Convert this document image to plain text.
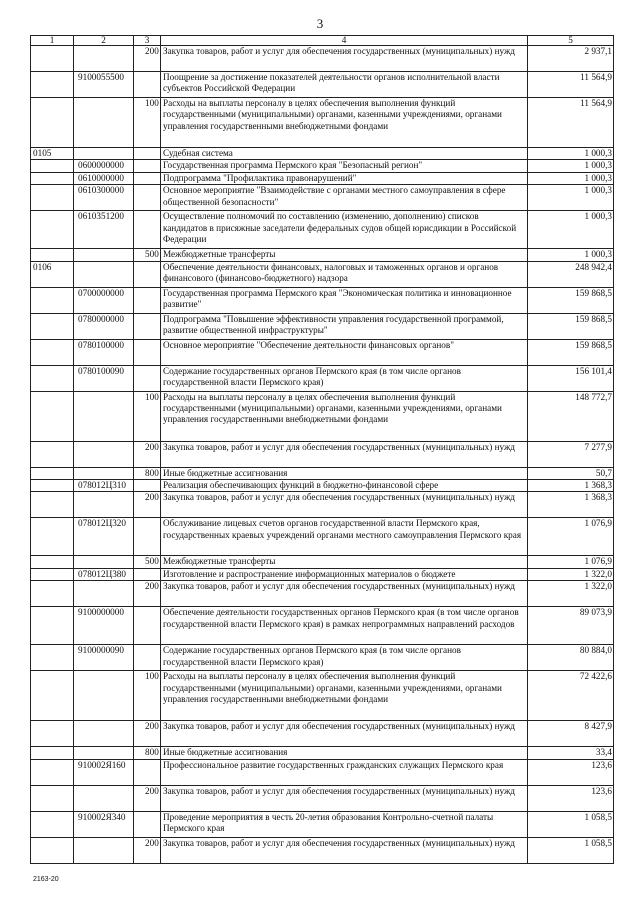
3
1	2	3	4	5
		200	Закупка товаров, работ и услуг для обеспечения государственных (муниципальных) нужд	2 937,1
	9100055500		Поощрение за достижение показателей деятельности органов исполнительной власти субъектов Российской Федерации	11 564,9
		100	Расходы на выплаты персоналу в целях обеспечения выполнения функций государственными (муниципальными) органами, казенными учреждениями, органами управления государственными внебюджетными фондами	11 564,9
0105			Судебная система	1 000,3
	0600000000		Государственная программа Пермского края "Безопасный регион"	1 000,3
	0610000000		Подпрограмма "Профилактика правонарушений"	1 000,3
	0610300000		Основное мероприятие "Взаимодействие с органами местного самоуправления в сфере общественной безопасности"	1 000,3
	0610351200		Осуществление полномочий по составлению (изменению, дополнению) списков кандидатов в присяжные заседатели федеральных судов общей юрисдикции в Российской Федерации	1 000,3
		500	Межбюджетные трансферты	1 000,3
0106			Обеспечение деятельности финансовых, налоговых и таможенных органов и органов финансового (финансово-бюджетного) надзора	248 942,4
	0700000000		Государственная программа Пермского края "Экономическая политика и инновационное развитие"	159 868,5
	0780000000		Подпрограмма "Повышение эффективности управления государственной программой, развитие общественной инфраструктуры"	159 868,5
	0780100000		Основное мероприятие "Обеспечение деятельности финансовых органов"	159 868,5
	0780100090		Содержание государственных органов Пермского края (в том числе органов государственной власти Пермского края)	156 101,4
		100	Расходы на выплаты персоналу в целях обеспечения выполнения функций государственными (муниципальными) органами, казенными учреждениями, органами управления государственными внебюджетными фондами	148 772,7
		200	Закупка товаров, работ и услуг для обеспечения государственных (муниципальных) нужд	7 277,9
		800	Иные бюджетные ассигнования	50,7
	078012Ц310		Реализация обеспечивающих функций в бюджетно-финансовой сфере	1 368,3
		200	Закупка товаров, работ и услуг для обеспечения государственных (муниципальных) нужд	1 368,3
	078012Ц320		Обслуживание лицевых счетов органов государственной власти Пермского края, государственных краевых учреждений органами местного самоуправления Пермского края	1 076,9
		500	Межбюджетные трансферты	1 076,9
	078012Ц380		Изготовление и распространение информационных материалов о бюджете	1 322,0
		200	Закупка товаров, работ и услуг для обеспечения государственных (муниципальных) нужд	1 322,0
	9100000000		Обеспечение деятельности государственных органов Пермского края (в том числе органов государственной власти Пермского края) в рамках непрограммных направлений расходов	89 073,9
	9100000090		Содержание государственных органов Пермского края (в том числе органов государственной власти Пермского края)	80 884,0
		100	Расходы на выплаты персоналу в целях обеспечения выполнения функций государственными (муниципальными) органами, казенными учреждениями, органами управления государственными внебюджетными фондами	72 422,6
		200	Закупка товаров, работ и услуг для обеспечения государственных (муниципальных) нужд	8 427,9
		800	Иные бюджетные ассигнования	33,4
	910002Я160		Профессиональное развитие государственных гражданских служащих Пермского края	123,6
		200	Закупка товаров, работ и услуг для обеспечения государственных (муниципальных) нужд	123,6
	910002Я340		Проведение мероприятия в честь 20-летия образования Контрольно-счетной палаты Пермского края	1 058,5
		200	Закупка товаров, работ и услуг для обеспечения государственных (муниципальных) нужд	1 058,5
2163-20
